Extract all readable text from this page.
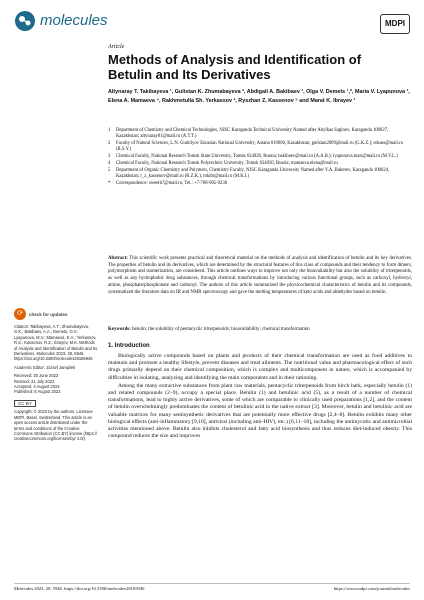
molecules	MDPI
Article
Methods of Analysis and Identification of Betulin and Its Derivatives
Altynaray T. Takibayeva ¹, Gulistan K. Zhumabayeva ², Abdigali A. Bakibaev ³, Olga V. Demets ¹,*, Maria V. Lyapunova ³, Elena A. Mamaeva ⁴, Rakhmetulla Sh. Yerkassov ², Ryszhan Z. Kassenov ⁵ and Marat K. Ibrayev ¹
1	Department of Chemistry and Chemical Technologies, NJSC Karaganda Technical University Named after Abylkas Saginov, Karaganda 100027, Kazakhstan; altynaray81@mail.ru (A.T.T.)
2	Faculty of Natural Sciences, L.N. Gumilyov Eurasian National University, Astana 010000, Kazakhstan; gulistan2009@mail.ru (G.K.Z.); erkass@mail.ru (R.S.Y.)
3	Chemical Faculty, National Research Tomsk State University, Tomsk 634028, Russia; bakibaev@mail.ru (A.A.B.); lyapunova.mari@mail.ru (M.V.L.)
4	Chemical Faculty, National Research Tomsk Polytechnic University, Tomsk 634050, Russia; mamaeva.elena@mail.ru
5	Department of Organic Chemistry and Polymers, Chemistry Faculty, NJSC Karaganda University Named after Y.A. Buketov, Karaganda 100024, Kazakhstan; r_z_kassenov@mail.ru (R.Z.K.); mkibr@mail.ru (M.K.I.)
*	Correspondence: sweeth7@mail.ru; Tel.: +7-708-905-9236
Abstract: This scientific work presents practical and theoretical material on the methods of analysis and identification of betulin and its key derivatives. The properties of betulin and its derivatives, which are determined by the structural features of this class of compounds and their tendency to form dimers, polymorphism and isomerization, are considered. This article outlines ways to improve not only the bioavailability but also the solubility of triterpenoids, as well as any hydrophobic drug substances, through chemical transformations by introducing various functional groups, such as carboxyl, hydroxyl, amine, phosphate/phosphonate and carbonyl. The authors of this article summarized the physicochemical characteristics of betulin and its compounds, systematized the literature data on IR and NMR spectroscopy and gave the melting temperatures of keto acids and aldehydes based on betulin.
Keywords: betulin; the solubility of pentacyclic triterpenoids; bioavailability; chemical transformation
⟳	check for updates

Citation: Takibayeva, A.T.; Zhumabayeva, G.K.; Bakibaev, A.A.; Demets, O.V.; Lyapunova, M.V.; Mamaeva, E.A.; Yerkassov, R.S.; Kassenov, R.Z.; Ibrayev, M.K. Methods of Analysis and Identification of Betulin and Its Derivatives. Molecules 2023, 28, 5946. https://doi.org/10.3390/molecules28165946

Academic Editor: József Jampilek

Received: 30 June 2023

Revised: 21 July 2023

Accepted: 4 August 2023

Published: 8 August 2023

CC BY

Copyright: © 2023 by the authors. Licensee MDPI, Basel, Switzerland. This article is an open access article distributed under the terms and conditions of the Creative Commons Attribution (CC BY) license (https:// creativecommons.org/licenses/by/ 4.0/).

1. Introduction

Biologically active compounds based on plants and products of their chemical transformation are used as food additives to maintain and promote a healthy lifestyle, prevent diseases and treat ailments. The nutritional value and pharmacological effect of such drugs primarily depend on their chemical composition, which is complex and multicomponent in nature, which is accompanied by difficulties in isolating, analyzing and identifying the main components and in their rationing.

Among the many extractive substances from plant raw materials, pentacyclic triterpenoids from birch bark, especially betulin (1) and related compounds (2–9), occupy a special place. Betulin (1) and betulinic acid (5), as a result of a number of chemical transformations, lead to highly active derivatives, some of which are comparable to clinically used preparations [1,2], and the content of betulin overwhelmingly predominates the content of betulinic acid in the native extract [3]. Moreover, betulin and betulinic acid are valuable matrices for many semisynthetic derivatives that are potentially more effective drugs [2,4–8]. Betulin exhibits many other biological effects (anti-inflammatory [9,10], antiviral (including anti-HIV), etc.) [6,11–18], including the antimycotic and antimicrobial activities mentioned above. Betulin also inhibits cholesterol and fatty acid biosynthesis and thus reduces diet-induced obesity. This compound reduces the size and improves

Molecules 2023, 28, 5946. https://doi.org/10.3390/molecules28165946	https://www.mdpi.com/journal/molecules
